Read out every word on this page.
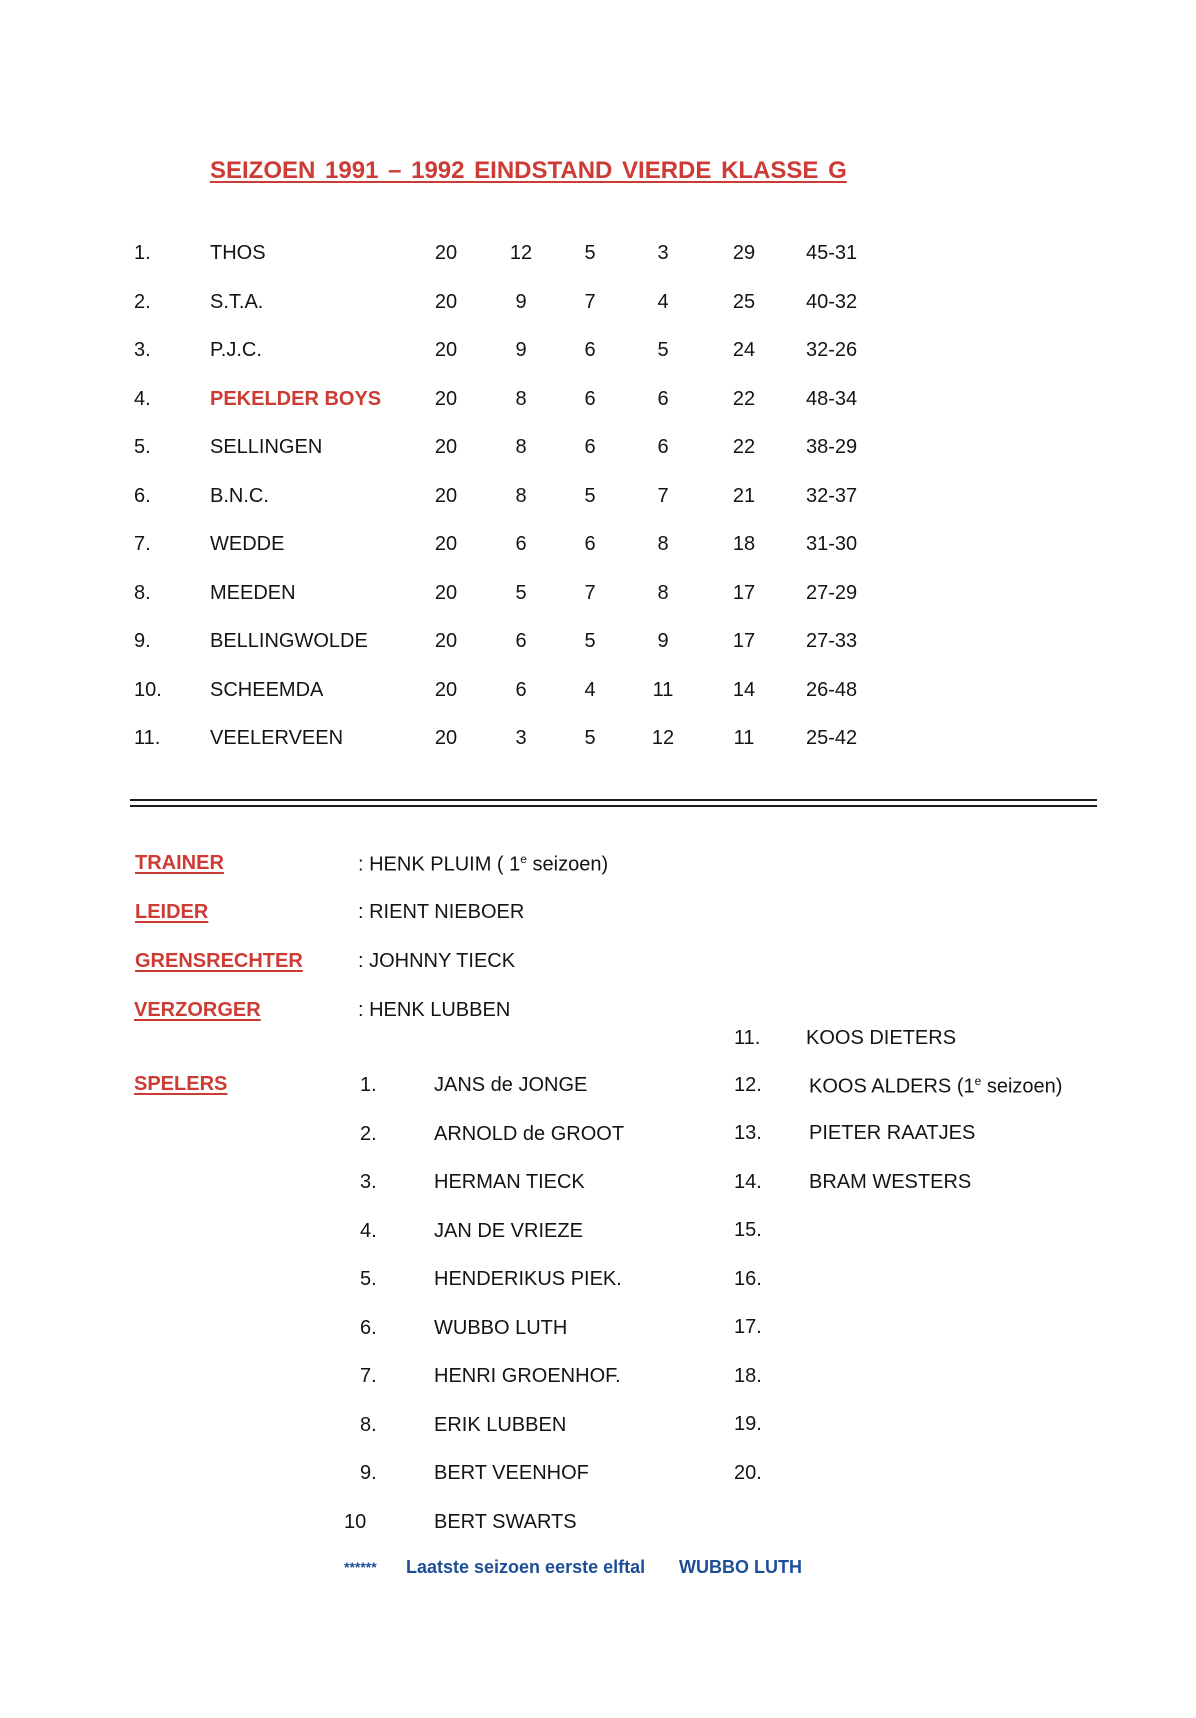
SEIZOEN 1991 – 1992 EINDSTAND VIERDE KLASSE G
1.	THOS	20	12	5	3	29	45-31
2.	S.T.A.	20	9	7	4	25	40-32
3.	P.J.C.	20	9	6	5	24	32-26
4.	PEKELDER BOYS	20	8	6	6	22	48-34
5.	SELLINGEN	20	8	6	6	22	38-29
6.	B.N.C.	20	8	5	7	21	32-37
7.	WEDDE	20	6	6	8	18	31-30
8.	MEEDEN	20	5	7	8	17	27-29
9.	BELLINGWOLDE	20	6	5	9	17	27-33
10. SCHEEMDA	20	6	4	11	14	26-48
11. VEELERVEEN	20	3	5	12	11	25-42
TRAINER	: HENK PLUIM ( 1e seizoen)
LEIDER	: RIENT NIEBOER
GRENSRECHTER	: JOHNNY TIECK
VERZORGER	: HENK LUBBEN
SPELERS	1.	JANS de JONGE
2.	ARNOLD de GROOT
3.	HERMAN TIECK
4.	JAN DE VRIEZE
5.	HENDERIKUS PIEK.
6.	WUBBO LUTH
7.	HENRI GROENHOF.
8.	ERIK LUBBEN
9.	BERT VEENHOF
10	BERT SWARTS
11. KOOS DIETERS
12. KOOS ALDERS (1e seizoen)
13. PIETER RAATJES
14. BRAM WESTERS
15.
16.
17.
18.
19.
20.
****** Laatste seizoen eerste elftal WUBBO LUTH
